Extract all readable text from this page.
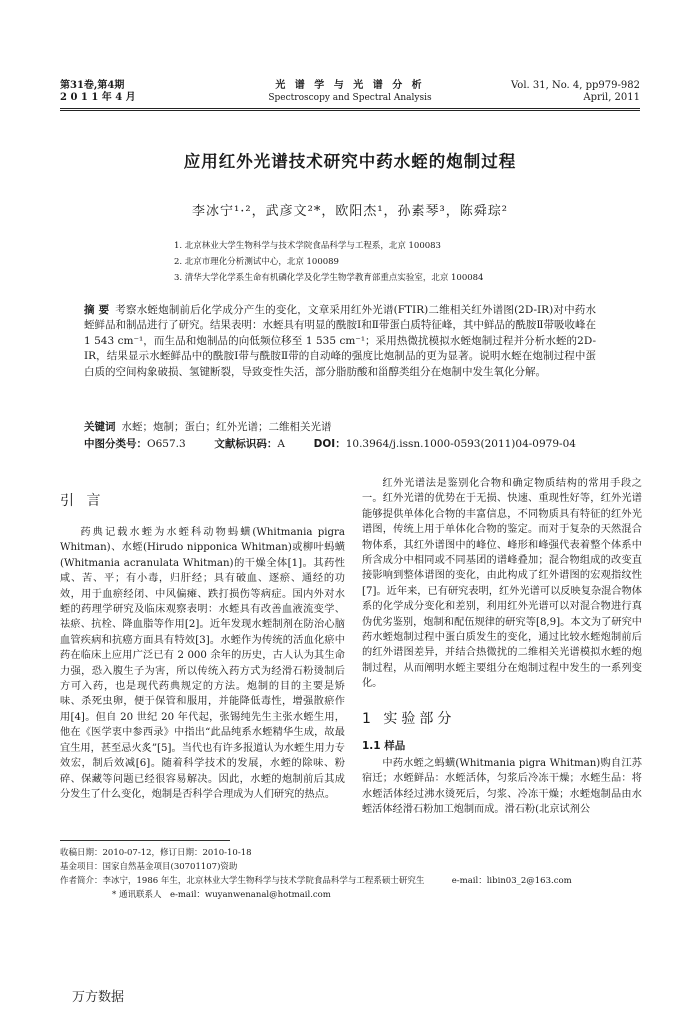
第31卷,第4期
2 0 1 1 年 4 月
光 谱 学 与 光 谱 分 析
Spectroscopy and Spectral Analysis
Vol. 31, No. 4, pp979-982
April, 2011
应用红外光谱技术研究中药水蛭的炮制过程
李冰宁¹·²，武彦文²*，欧阳杰¹，孙素琴³，陈舜琮²
1. 北京林业大学生物科学与技术学院食品科学与工程系，北京 100083
2. 北京市理化分析测试中心，北京 100089
3. 清华大学化学系生命有机磷化学及化学生物学教育部重点实验室，北京 100084
摘 要 考察水蛭炮制前后化学成分产生的变化，文章采用红外光谱(FTIR)二维相关红外谱图(2D-IR)对中药水蛭鲜品和制品进行了研究。结果表明：水蛭具有明显的酰胺Ⅰ和Ⅱ带蛋白质特征峰，其中鲜品的酰胺Ⅱ带吸收峰在 1 543 cm⁻¹，而生品和炮制品的向低频位移至 1 535 cm⁻¹；采用热微扰模拟水蛭炮制过程并分析水蛭的2D-IR，结果显示水蛭鲜品中的酰胺Ⅰ带与酰胺Ⅱ带的自动峰的强度比炮制品的更为显著。说明水蛭在炮制过程中蛋白质的空间构象破损、氢键断裂，导致变性失活，部分脂肪酸和甾醇类组分在炮制中发生氧化分解。
关键词 水蛭；炮制；蛋白；红外光谱；二维相关光谱
中图分类号：O657.3	文献标识码：A	DOI：10.3964/j.issn.1000-0593(2011)04-0979-04
引 言

药典记载水蛭为水蛭科动物蚂蟥(Whitmania pigra Whitman)、水蛭(Hirudo nipponica Whitman)或柳叶蚂蟥(Whitmania acranulata Whitman)的干燥全体[1]。其药性咸、苦、平；有小毒，归肝经；具有破血、逐瘀、通经的功效，用于血瘀经闭、中风偏瘫、跌打损伤等病症。国内外对水蛭的药理学研究及临床观察表明：水蛭具有改善血液流变学、祛瘀、抗栓、降血脂等作用[2]。近年发现水蛭制剂在防治心脑血管疾病和抗癌方面具有特效[3]。水蛭作为传统的活血化瘀中药在临床上应用广泛已有 2 000 余年的历史，古人认为其生命力强，恐入腹生子为害，所以传统入药方式为经滑石粉烫制后方可入药，也是现代药典规定的方法。炮制的目的主要是矫味、杀死虫卵，便于保管和服用，并能降低毒性，增强散瘀作用[4]。但自 20 世纪 20 年代起，张锡纯先生主张水蛭生用，他在《医学衷中参西录》中指出“此品纯系水蛭精华生成，故最宜生用，甚至忌火炙”[5]。当代也有许多报道认为水蛭生用力专效宏，制后效减[6]。随着科学技术的发展，水蛭的除味、粉碎、保藏等问题已经很容易解决。因此，水蛭的炮制前后其成分发生了什么变化，炮制是否科学合理成为人们研究的热点。

红外光谱法是鉴别化合物和确定物质结构的常用手段之一。红外光谱的优势在于无损、快速、重现性好等，红外光谱能够提供单体化合物的丰富信息，不同物质具有特征的红外光谱图，传统上用于单体化合物的鉴定。而对于复杂的天然混合物体系，其红外谱图中的峰位、峰形和峰强代表着整个体系中所含成分中相同或不同基团的谱峰叠加；混合物组成的改变直接影响到整体谱图的变化，由此构成了红外谱图的宏观指纹性[7]。近年来，已有研究表明，红外光谱可以反映复杂混合物体系的化学成分变化和差别，利用红外光谱可以对混合物进行真伪优劣鉴别，炮制和配伍规律的研究等[8,9]。本文为了研究中药水蛭炮制过程中蛋白质发生的变化，通过比较水蛭炮制前后的红外谱图差异，并结合热微扰的二维相关光谱模拟水蛭的炮制过程，从而阐明水蛭主要组分在炮制过程中发生的一系列变化。

1 实验部分
1.1 样品

中药水蛭之蚂蟥(Whitmania pigra Whitman)购自江苏宿迁；水蛭鲜品：水蛭活体，匀浆后冷冻干燥；水蛭生品：将水蛭活体经过沸水烫死后，匀浆、冷冻干燥；水蛭炮制品由水蛭活体经滑石粉加工炮制而成。滑石粉(北京试剂公

收稿日期：2010-07-12，修订日期：2010-10-18
基金项目：国家自然基金项目(30701107)资助
作者简介：李冰宁，1986 年生，北京林业大学生物科学与技术学院食品科学与工程系硕士研究生	e-mail：libin03_2@163.com
* 通讯联系人　e-mail：wuyanwenanal@hotmail.com
万方数据
